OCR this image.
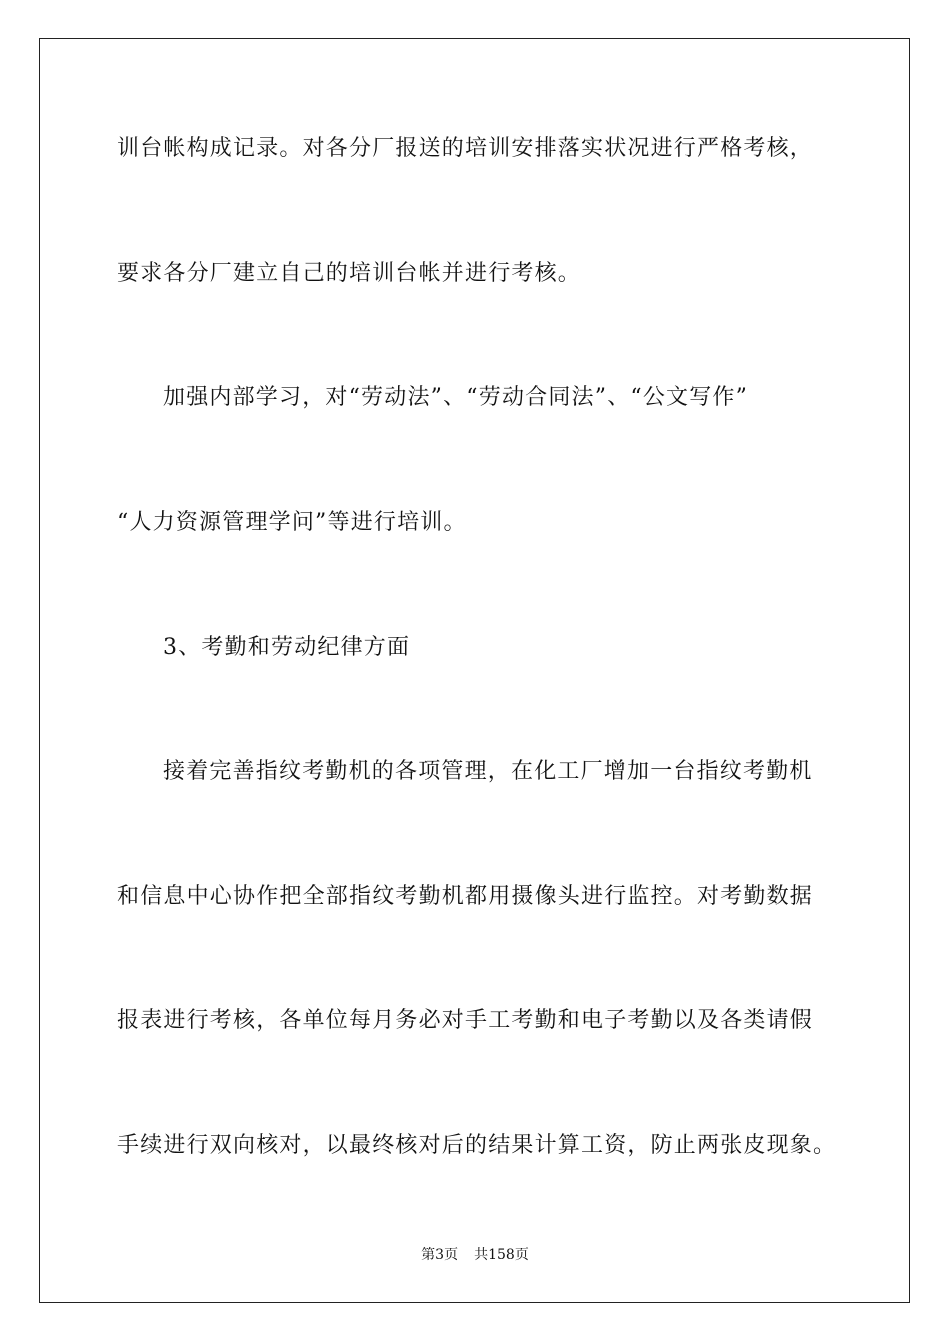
训台帐构成记录。对各分厂报送的培训安排落实状况进行严格考核，
要求各分厂建立自己的培训台帐并进行考核。
加强内部学习，对“劳动法”、“劳动合同法”、“公文写作”
“人力资源管理学问”等进行培训。
3、考勤和劳动纪律方面
接着完善指纹考勤机的各项管理，在化工厂增加一台指纹考勤机
和信息中心协作把全部指纹考勤机都用摄像头进行监控。对考勤数据
报表进行考核，各单位每月务必对手工考勤和电子考勤以及各类请假
手续进行双向核对，以最终核对后的结果计算工资，防止两张皮现象。
第3页 共158页
